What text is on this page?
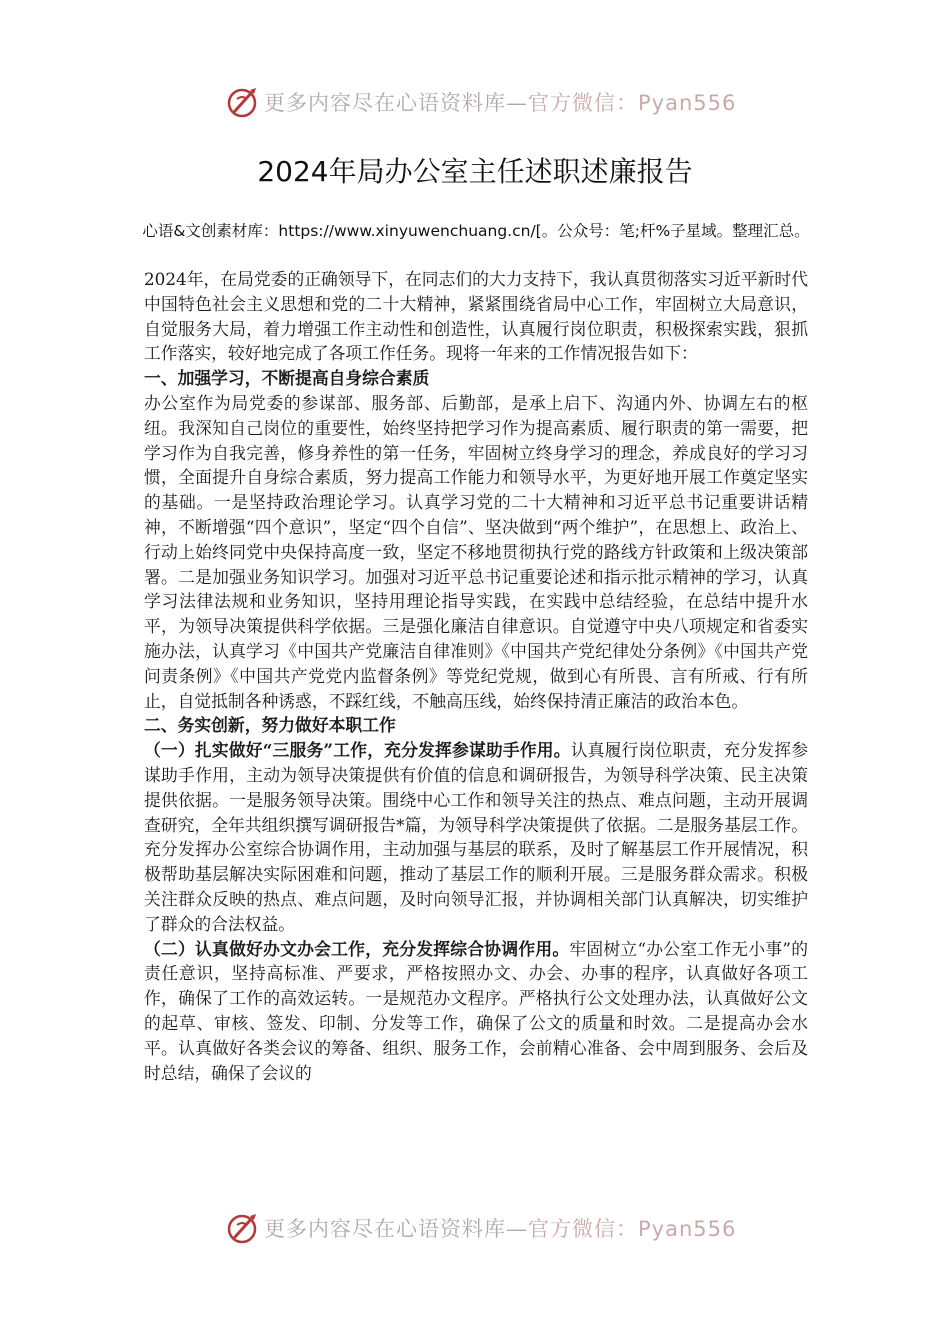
更多内容尽在心语资料库—官方微信：Pyan556
2024年局办公室主任述职述廉报告
心语&文创素材库：https://www.xinyuwenchuang.cn/[。公众号：笔;杆%子星域。整理汇总。

2024年，在局党委的正确领导下，在同志们的大力支持下，我认真贯彻落实习近平新时代中国特色社会主义思想和党的二十大精神，紧紧围绕省局中心工作，牢固树立大局意识，自觉服务大局，着力增强工作主动性和创造性，认真履行岗位职责，积极探索实践，狠抓工作落实，较好地完成了各项工作任务。现将一年来的工作情况报告如下：

一、加强学习，不断提高自身综合素质

办公室作为局党委的参谋部、服务部、后勤部，是承上启下、沟通内外、协调左右的枢纽。我深知自己岗位的重要性，始终坚持把学习作为提高素质、履行职责的第一需要，把学习作为自我完善，修身养性的第一任务，牢固树立终身学习的理念，养成良好的学习习惯，全面提升自身综合素质，努力提高工作能力和领导水平，为更好地开展工作奠定坚实的基础。一是坚持政治理论学习。认真学习党的二十大精神和习近平总书记重要讲话精神，不断增强“四个意识”，坚定“四个自信”、坚决做到“两个维护”，在思想上、政治上、行动上始终同党中央保持高度一致，坚定不移地贯彻执行党的路线方针政策和上级决策部署。二是加强业务知识学习。加强对习近平总书记重要论述和指示批示精神的学习，认真学习法律法规和业务知识，坚持用理论指导实践，在实践中总结经验，在总结中提升水平，为领导决策提供科学依据。三是强化廉洁自律意识。自觉遵守中央八项规定和省委实施办法，认真学习《中国共产党廉洁自律准则》《中国共产党纪律处分条例》《中国共产党问责条例》《中国共产党党内监督条例》等党纪党规，做到心有所畏、言有所戒、行有所止，自觉抵制各种诱惑，不踩红线，不触高压线，始终保持清正廉洁的政治本色。

二、务实创新，努力做好本职工作

（一）扎实做好“三服务”工作，充分发挥参谋助手作用。认真履行岗位职责，充分发挥参谋助手作用，主动为领导决策提供有价值的信息和调研报告，为领导科学决策、民主决策提供依据。一是服务领导决策。围绕中心工作和领导关注的热点、难点问题，主动开展调查研究，全年共组织撰写调研报告*篇，为领导科学决策提供了依据。二是服务基层工作。充分发挥办公室综合协调作用，主动加强与基层的联系，及时了解基层工作开展情况，积极帮助基层解决实际困难和问题，推动了基层工作的顺利开展。三是服务群众需求。积极关注群众反映的热点、难点问题，及时向领导汇报，并协调相关部门认真解决，切实维护了群众的合法权益。

（二）认真做好办文办会工作，充分发挥综合协调作用。牢固树立“办公室工作无小事”的责任意识，坚持高标准、严要求，严格按照办文、办会、办事的程序，认真做好各项工作，确保了工作的高效运转。一是规范办文程序。严格执行公文处理办法，认真做好公文的起草、审核、签发、印制、分发等工作，确保了公文的质量和时效。二是提高办会水平。认真做好各类会议的筹备、组织、服务工作，会前精心准备、会中周到服务、会后及时总结，确保了会议的

更多内容尽在心语资料库—官方微信：Pyan556
